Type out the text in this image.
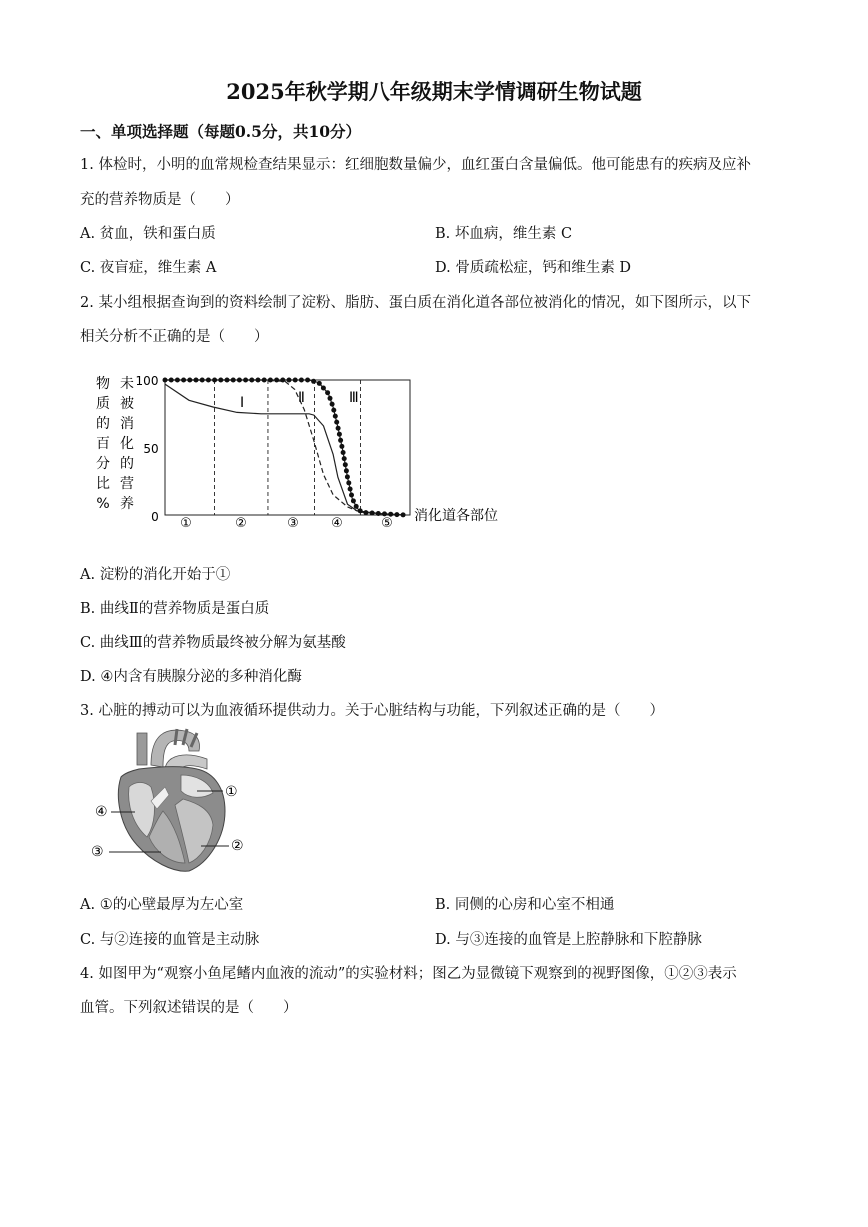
2025年秋学期八年级期末学情调研生物试题
一、单项选择题（每题0.5分，共10分）
1. 体检时，小明的血常规检查结果显示：红细胞数量偏少，血红蛋白含量偏低。他可能患有的疾病及应补
充的营养物质是（　　）
A. 贫血，铁和蛋白质	B. 坏血病，维生素 C
C. 夜盲症，维生素 A	D. 骨质疏松症，钙和维生素 D
2. 某小组根据查询到的资料绘制了淀粉、脂肪、蛋白质在消化道各部位被消化的情况，如下图所示，以下
相关分析不正确的是（　　）
物
质
的
百
分
比
%
未
被
消
化
的
营
养
100
50
0
Ⅰ	Ⅱ	Ⅲ
①	②	③ ④	⑤ 消化道各部位
A. 淀粉的消化开始于①
B. 曲线Ⅱ的营养物质是蛋白质
C. 曲线Ⅲ的营养物质最终被分解为氨基酸
D. ④内含有胰腺分泌的多种消化酶
3. 心脏的搏动可以为血液循环提供动力。关于心脏结构与功能，下列叙述正确的是（　　）
①
②
③
④
A. ①的心壁最厚为左心室	B. 同侧的心房和心室不相通
C. 与②连接的血管是主动脉	D. 与③连接的血管是上腔静脉和下腔静脉
4. 如图甲为“观察小鱼尾鳍内血液的流动”的实验材料；图乙为显微镜下观察到的视野图像，①②③表示
血管。下列叙述错误的是（　　）
